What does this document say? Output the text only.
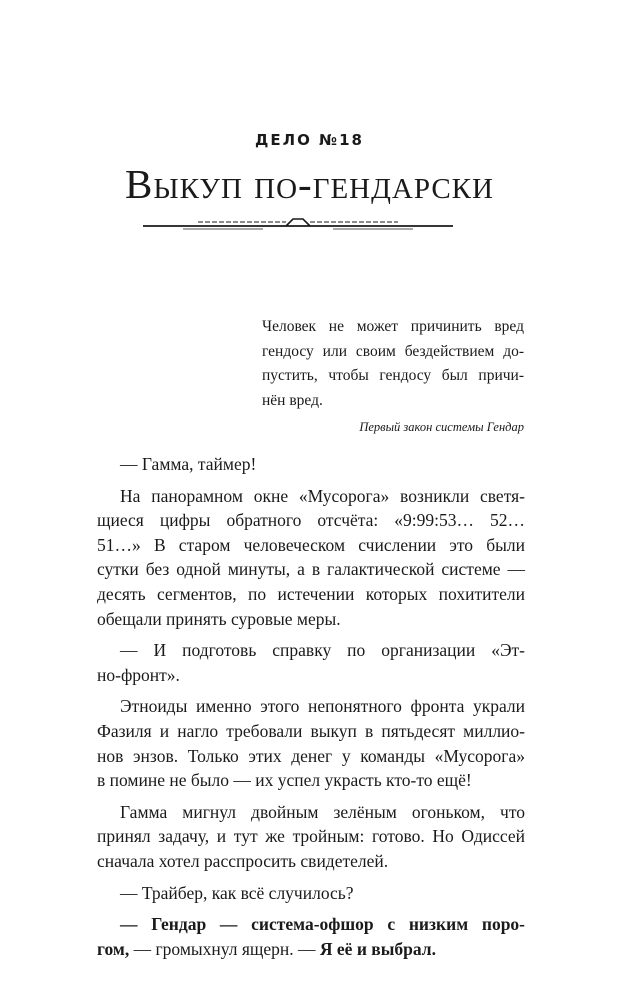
ДЕЛО №18
Выкуп по-гендарски
Человек не может причинить вред
гендосу или своим бездействием до-
пустить, чтобы гендосу был причи-
нён вред.
Первый закон системы Гендар
— Гамма, таймер!
На панорамном окне «Мусорога» возникли светя-
щиеся цифры обратного отсчёта: «9:99:53… 52…
51…» В старом человеческом счислении это были
сутки без одной минуты, а в галактической системе —
десять сегментов, по истечении которых похитители
обещали принять суровые меры.
— И подготовь справку по организации «Эт-
но-фронт».
Этноиды именно этого непонятного фронта украли
Фазиля и нагло требовали выкуп в пятьдесят миллио-
нов энзов. Только этих денег у команды «Мусорога»
в помине не было — их успел украсть кто-то ещё!
Гамма мигнул двойным зелёным огоньком, что
принял задачу, и тут же тройным: готово. Но Одиссей
сначала хотел расспросить свидетелей.
— Трайбер, как всё случилось?
— Гендар — система-офшор с низким поро-
гом, — громыхнул ящерн. — Я её и выбрал.
